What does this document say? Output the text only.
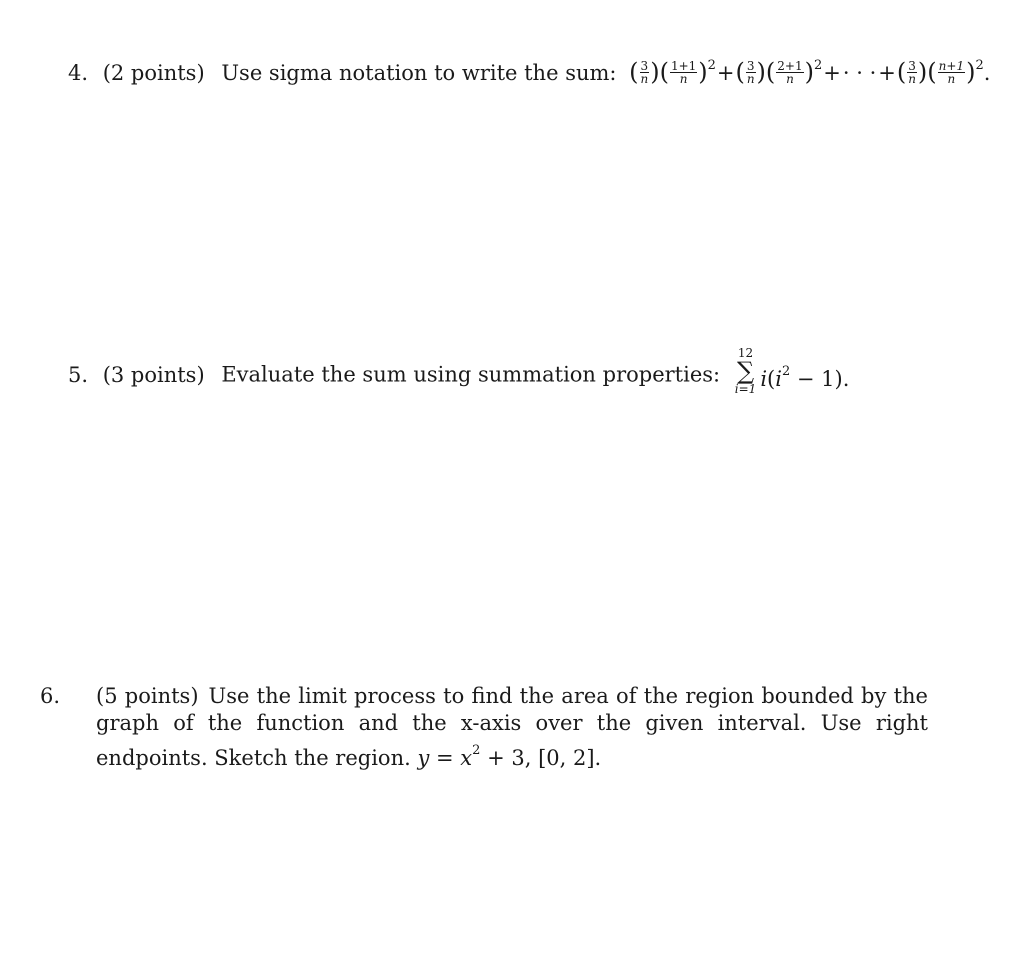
4. (2 points) Use sigma notation to write the sum: ( $\frac{3}{n}$ )( $\frac{1+1}{n} )^2+( \frac{3}{n}$ )( $\frac{2+1}{n} )^2+\cdot$ · ·+( $\frac{3}{n}$ )( $\frac{n+1}{n} )^2$.
5. (3 points) Evaluate the sum using summation properties:
12
∑
i=1 $i(i^2 - 1)$.
6. (5 points) Use the limit process to find the area of the region bounded by the graph of the function and the x-axis over the given interval. Use right endpoints. Sketch the region. $y = x^2 + 3$, [0, 2].
